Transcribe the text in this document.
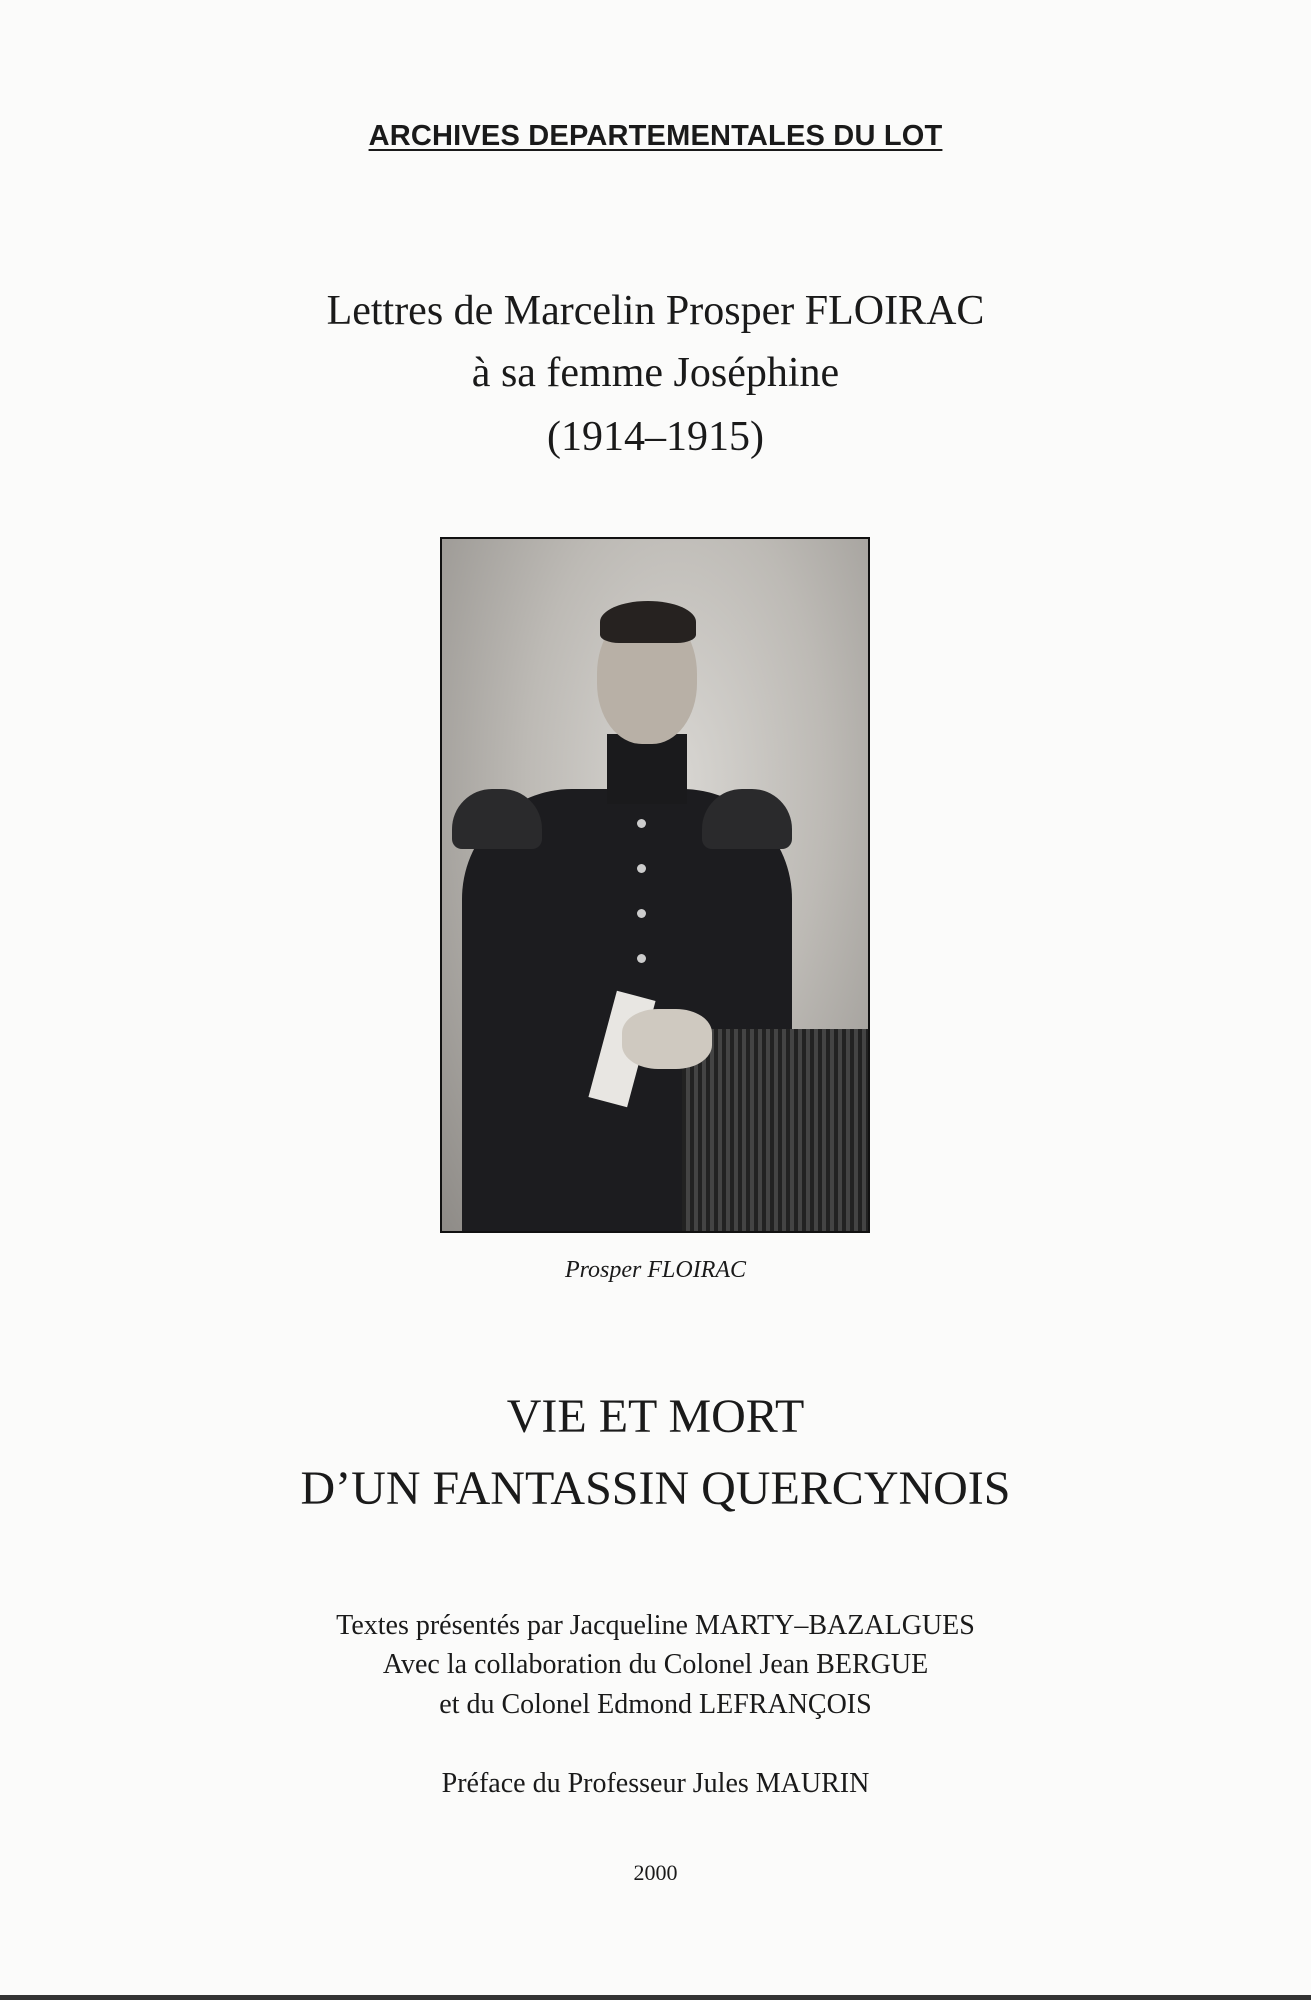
ARCHIVES DEPARTEMENTALES DU LOT
Lettres de Marcelin Prosper FLOIRAC
à sa femme Joséphine
(1914–1915)
Prosper FLOIRAC
VIE ET MORT
D’UN FANTASSIN QUERCYNOIS
Textes présentés par Jacqueline MARTY–BAZALGUES
Avec la collaboration du Colonel Jean BERGUE
et du Colonel Edmond LEFRANÇOIS
Préface du Professeur Jules MAURIN
2000
